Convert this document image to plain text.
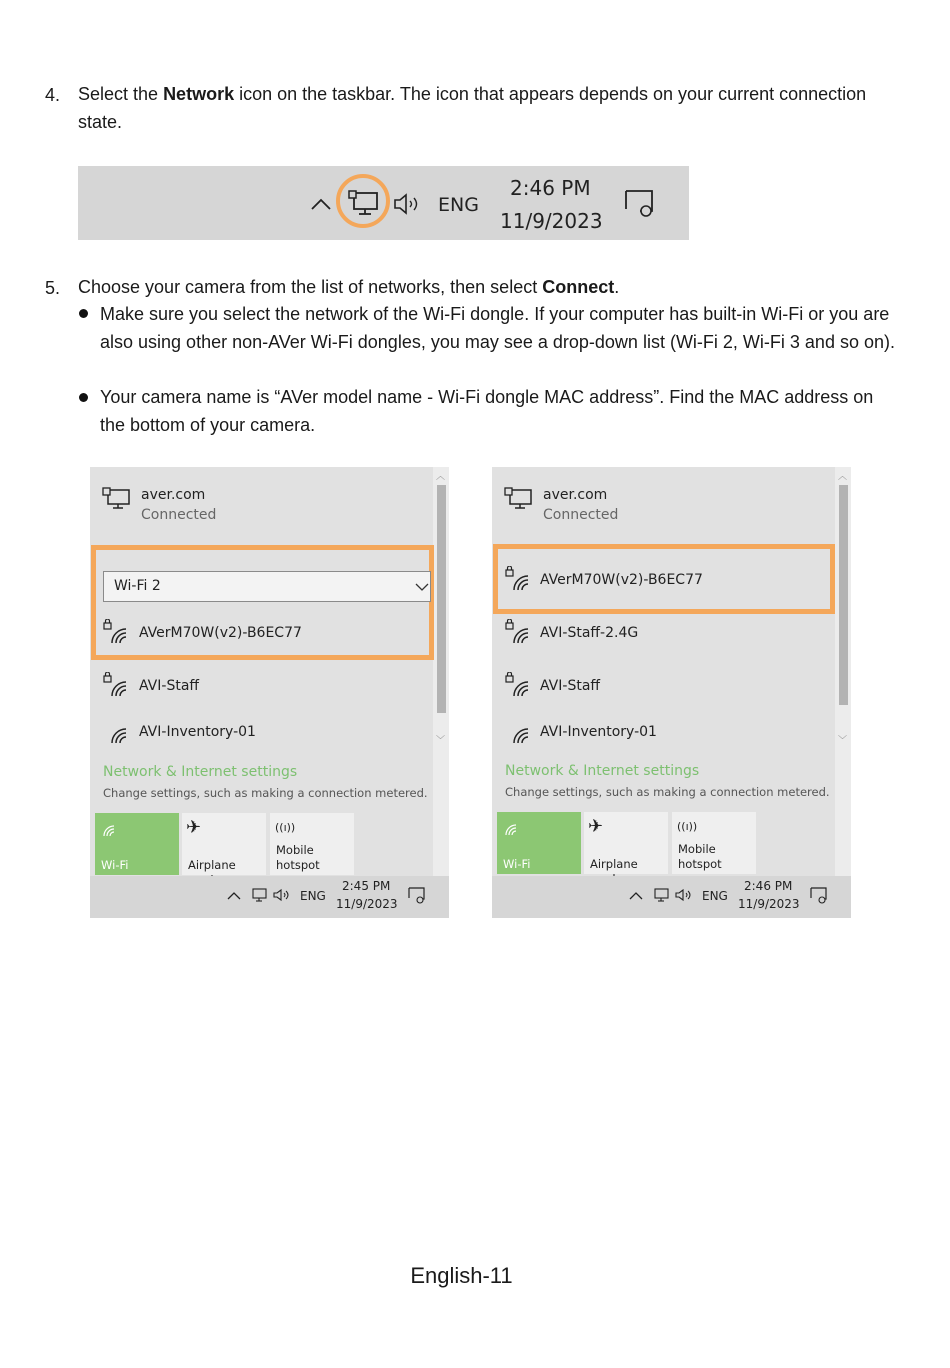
4. Select the Network icon on the taskbar. The icon that appears depends on your current connection state.
ENG
2:46 PM
11/9/2023
5. Choose your camera from the list of networks, then select Connect.
Make sure you select the network of the Wi-Fi dongle. If your computer has built-in Wi-Fi or you are also using other non-AVer Wi-Fi dongles, you may see a drop-down list (Wi-Fi 2, Wi-Fi 3 and so on).
Your camera name is “AVer model name - Wi-Fi dongle MAC address”. Find the MAC address on the bottom of your camera.
︿
﹀
aver.com
Connected
Wi-Fi 2
AVerM70W(v2)-B6EC77
AVI-Staff
AVI-Inventory-01
Network & Internet settings
Change settings, such as making a connection metered.
Wi-Fi
✈
Airplane
((ı))
Mobile
hotspot
ENG
2:45 PM
11/9/2023
︿
﹀
aver.com
Connected
AVerM70W(v2)-B6EC77
AVI-Staff-2.4G
AVI-Staff
AVI-Inventory-01
Network & Internet settings
Change settings, such as making a connection metered.
Wi-Fi
✈
Airplane
((ı))
Mobile
hotspot
ENG
2:46 PM
11/9/2023
English-11
